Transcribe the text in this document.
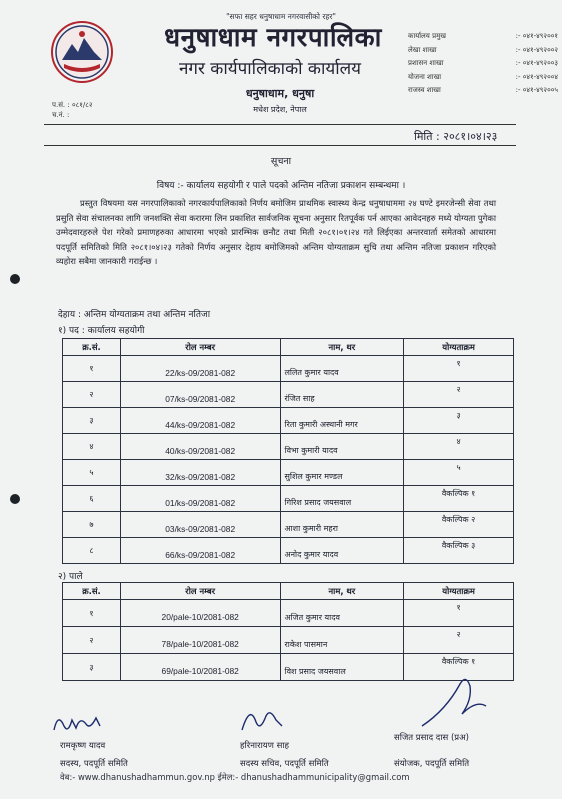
"सफा सहर धनुषाधाम नगरवासीको रहर"
प.सं. : ०८१/८२
च.नं. :
धनुषाधाम नगरपालिका
नगर कार्यपालिकाको कार्यालय
धनुषाधाम, धनुषा
मधेश प्रदेश, नेपाल
कार्यालय प्रमुख	:- ०४१-४९२००१
लेखा शाखा	:- ०४१-४९२००२
प्रशासन शाखा	:- ०४१-४९२००३
योजना शाखा	:- ०४१-४९२००४
राजस्व शाखा	:- ०४१-४९२००५
मिति : २०८१।०४।२३
सूचना
विषय :- कार्यालय सहयोगी र पाले पदको अन्तिम नतिजा प्रकाशन सम्बन्धमा ।
प्रस्तुत विषयमा यस नगरपालिकाको नगरकार्यपालिकाको निर्णय बमोजिम प्राथमिक स्वास्थ्य केन्द्र धनुषाधाममा २४ घण्टे इमरजेन्सी सेवा तथा प्रसुति सेवा संचालनका लागि जनशक्ति सेवा करारमा लिन प्रकाशित सार्वजनिक सूचना अनुसार रितपूर्वक पर्न आएका आवेदनहरु मध्ये योग्यता पुगेका उम्मेदवारहरुले पेश गरेको प्रमाणहरुका आधारमा भएको प्रारम्भिक छनौट तथा मिती २०८१।०१।२४ गते लिईएका अन्तरवार्ता समेतको आधारमा पदपूर्ति समितिको मिति २०८१।०४।२३ गतेको निर्णय अनुसार देहाय बमोजिमको अन्तिम योग्यताक्रम सुचि तथा अन्तिम नतिजा प्रकाशन गरिएको व्यहोरा सबैमा जानकारी गराईन्छ ।
देहाय : अन्तिम योग्यताक्रम तथा अन्तिम नतिजा
१) पद : कार्यालय सहयोगी
क्र.सं.	रोल नम्बर	नाम, थर	योग्यताक्रम
१	22/ks-09/2081-082	ललित कुमार यादव	१
२	07/ks-09/2081-082	रंजित साह	२
३	44/ks-09/2081-082	रिता कुमारी अस्थानी मगर	३
४	40/ks-09/2081-082	विभा कुमारी यादव	४
५	32/ks-09/2081-082	सुशिल कुमार मण्डल	५
६	01/ks-09/2081-082	गिरिश प्रसाद जयसवाल	वैकल्पिक १
७	03/ks-09/2081-082	आशा कुमारी महरा	वैकल्पिक २
८	66/ks-09/2081-082	अनोद कुमार यादव	वैकल्पिक ३
२) पाले
क्र.सं.	रोल नम्बर	नाम, थर	योग्यताक्रम
१	20/pale-10/2081-082	अजित कुमार यादव	१
२	78/pale-10/2081-082	राकेश पासमान	२
३	69/pale-10/2081-082	विश प्रसाद जयसवाल	वैकल्पिक १
रामकृष्ण यादव
सदस्य, पदपूर्ति समिति
हरिनारायण साह
सदस्य सचिव, पदपूर्ति समिति
सजित प्रसाद दास (प्रअ)
संयोजक, पदपूर्ति समिति
वेब:- www.dhanushadhammun.gov.np ईमेल:- dhanushadhammunicipality@gmail.com
